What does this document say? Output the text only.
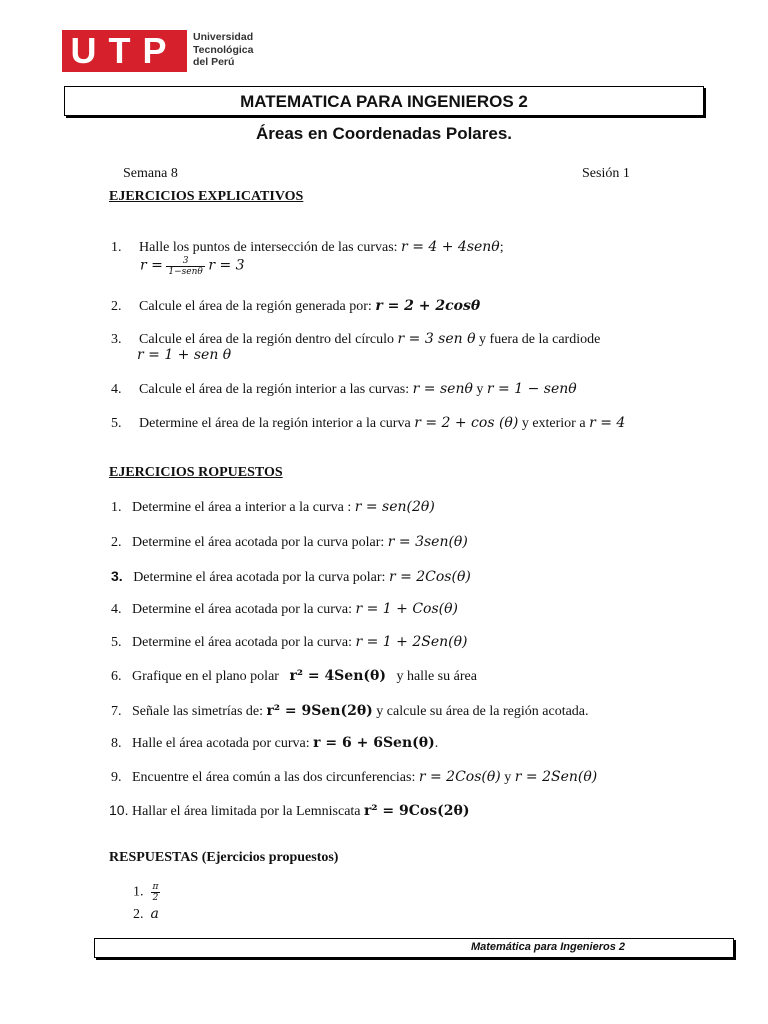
UTP	Universidad
Tecnológica
del Perú
MATEMATICA PARA INGENIEROS 2
Áreas en Coordenadas Polares.
Semana 8	Sesión 1
EJERCICIOS EXPLICATIVOS
1. Halle los puntos de intersección de las curvas: r = 4 + 4senθ;
$r = \frac{3}{\text{1−senθ}}$ r = 3
2. Calcule el área de la región generada por: r = 2 + 2cosθ
3. Calcule el área de la región dentro del círculo r = 3 sen θ y fuera de la cardiode
r = 1 + sen θ
4. Calcule el área de la región interior a las curvas: r = senθ y r = 1 − senθ
5. Determine el área de la región interior a la curva r = 2 + cos (θ) y exterior a r = 4
EJERCICIOS ROPUESTOS
1. Determine el área a interior a la curva : r = sen(2θ)
2. Determine el área acotada por la curva polar: r = 3sen(θ)
3. Determine el área acotada por la curva polar: r = 2Cos(θ)
4. Determine el área acotada por la curva: r = 1 + Cos(θ)
5. Determine el área acotada por la curva: r = 1 + 2Sen(θ)
6. Grafique en el plano polar r² = 4Sen(θ) y halle su área
7. Señale las simetrías de: r² = 9Sen(2θ) y calcule su área de la región acotada.
8. Halle el área acotada por curva: r = 6 + 6Sen(θ).
9. Encuentre el área común a las dos circunferencias: r = 2Cos(θ) y r = 2Sen(θ)
10. Hallar el área limitada por la Lemniscata r² = 9Cos(2θ)
RESPUESTAS (Ejercicios propuestos)
1. $\frac{\pi}{2}$
2. a
Matemática para Ingenieros 2
